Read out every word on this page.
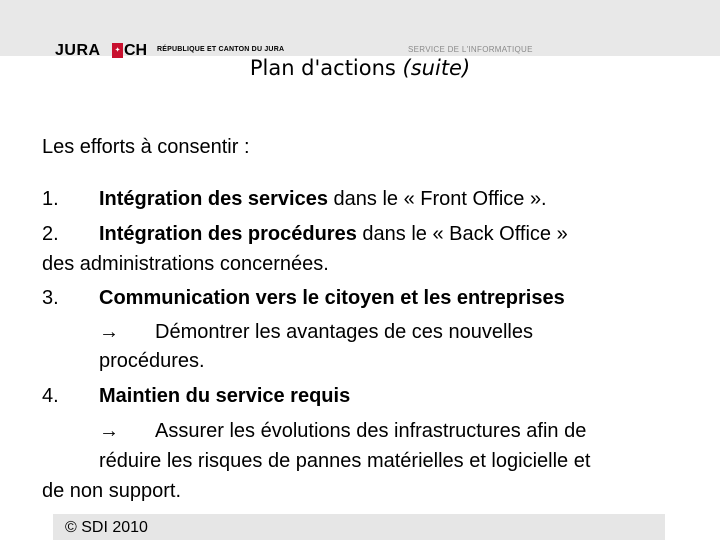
JURA	✦ CH RÉPUBLIQUE ET CANTON DU JURA	SERVICE DE L'INFORMATIQUE
Plan d'actions (suite)
Les efforts à consentir :
1. Intégration des services dans le « Front Office ».
2. Intégration des procédures dans le « Back Office »
des administrations concernées.
3. Communication vers le citoyen et les entreprises
→ Démontrer les avantages de ces nouvelles
procédures.
4. Maintien du service requis
→ Assurer les évolutions des infrastructures afin de
réduire les risques de pannes matérielles et logicielle et
de non support.
© SDI 2010
